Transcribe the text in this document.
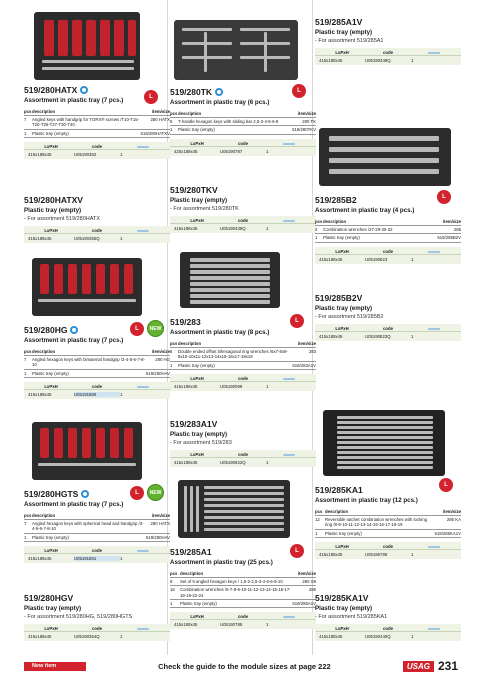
519/280HATX
L
Assortment in plastic tray (7 pcs.)
pcs	description	item/size
7	Angled keys with handgrip for TORX® screws /T10-T15-T20-T25-T27-T30-T40	280 HATX
1	Plastic tray (empty)	519/280HATXV
LxPxH	code
415x188x45	U05190362	1
519/280HATXV
Plastic tray (empty)
- For assortment 519/280HATX
LxPxH	code
415x188x45	U05190355Q	1
519/280HG	L	NEW
Assortment in plastic tray (7 pcs.)
pcs	description	item/size
7	Angled hexagon keys with bimaterial handgrip /3-4-5-6-7-8-10	280 HG
1	Plastic tray (empty)	519/280HAV
LxPxH	code
415x188x45	U05191860	1
519/280HGTS	L	NEW
Assortment in plastic tray (7 pcs.)
pcs	description	item/size
7	Angled hexagon keys with spherical head and handgrip /3-4-5-6-7-8-10	280 HATS
1	Plastic tray (empty)	519/280HAV
LxPxH	code
415x188x45	U05191861	1
519/280HGV
Plastic tray (empty)
- For assortment 519/280HG, 519/280HGTS
LxPxH	code
415x188x45	U05190354Q	1
519/280TK	L
Assortment in plastic tray (6 pcs.)
pcs	description	item/size
6	T-handle hexagon keys with sliding bar 2,5-3-4-5-6-8	280 TK
1	Plastic tray (empty)	519/280TKV
LxPxH	code
420x188x45	U05190787	1
519/280TKV
Plastic tray (empty)
- For assortment 519/280TK
LxPxH	code
415x188x45	U05190439Q	1
519/283	L
Assortment in plastic tray (8 pcs.)
pcs	description	item/size
8	Double ended offset bihexagonal ring wrenches /6x7-8x9-8x10-10x11-12x13-14x15-16x17-18x19	283
1	Plastic tray (empty)	519/283A1V
LxPxH	code
415x188x45	U05190099	1
519/283A1V
Plastic tray (empty)
- For assortment 519/283
LxPxH	code
415x188x45	U05190822Q	1
519/285A1	L
Assortment in plastic tray (25 pcs.)
pcs	description	item/size
9	Set of 9 angled hexagon keys / 1,5-2-2,5-3-4-5-6-8-10	280 S9
16	Combination wrenches /6-7-8-9-10-11-12-13-14-15-16-17-18-19-22-24	285
1	Plastic tray (empty)	519/285A1V
LxPxH	code
415x188x45	U05190785	1
519/285A1V
Plastic tray (empty)
- For assortment 519/285A1
LxPxH	code
415x188x45	U05190348Q	1
519/285B2	L
Assortment in plastic tray (4 pcs.)
pcs	description	item/size
4	Combination wrenches /27-29-30-32	285
1	Plastic tray (empty)	519/285B2V
LxPxH	code
415x188x45	U05190823	1
519/285B2V
Plastic tray (empty)
- For assortment 519/285B2
LxPxH	code
415x188x45	U05190823Q	1
519/285KA1	L
Assortment in plastic tray (12 pcs.)
pcs	description	item/size
12	Reversible ratchet combination wrenches with locking ring /8-9-10-11-12-13-14-15-16-17-18-19	285 KA
1	Plastic tray (empty)	519/285KA1V
LxPxH	code
415x188x45	U05196788	1
519/285KA1V
Plastic tray (empty)
- For assortment 519/285KA1
LxPxH	code
415x188x45	U05190440Q	1
New item	Check the guide to the module sizes at page 222	USAG 231
